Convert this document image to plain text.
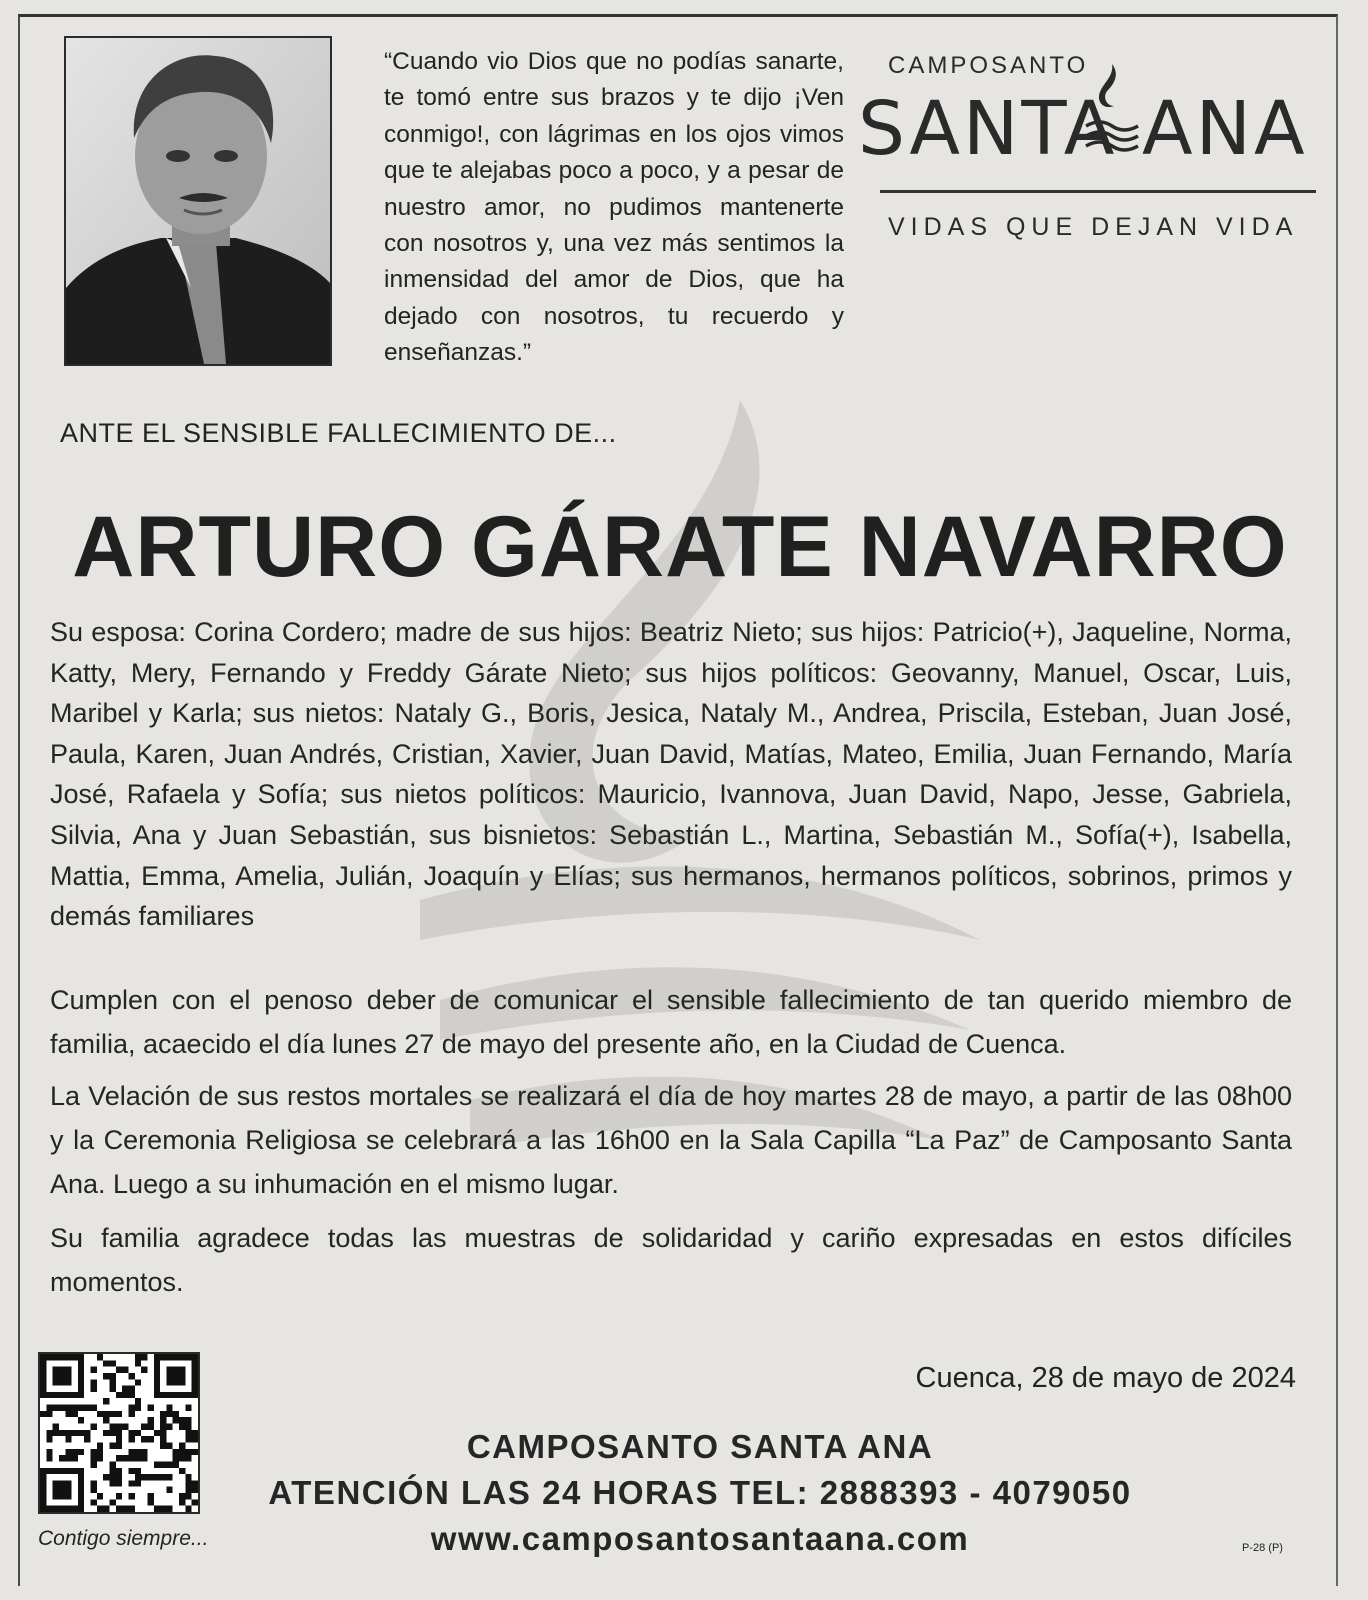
“Cuando vio Dios que no podías sanarte, te tomó entre sus brazos y te dijo ¡Ven conmigo!, con lágrimas en los ojos vimos que te alejabas poco a poco, y a pesar de nuestro amor, no pudimos mantenerte con nosotros y, una vez más sentimos la inmensidad del amor de Dios, que ha dejado con nosotros, tu recuerdo y enseñanzas.”

CAMPOSANTO
SANTA ANA
VIDAS QUE DEJAN VIDA
ANTE EL SENSIBLE FALLECIMIENTO DE...
ARTURO GÁRATE NAVARRO

Su esposa: Corina Cordero; madre de sus hijos: Beatriz Nieto; sus hijos: Patricio(+), Jaqueline, Norma, Katty, Mery, Fernando y Freddy Gárate Nieto; sus hijos políticos: Geovanny, Manuel, Oscar, Luis, Maribel y Karla; sus nietos: Nataly G., Boris, Jesica, Nataly M., Andrea, Priscila, Esteban, Juan José, Paula, Karen, Juan Andrés, Cristian, Xavier, Juan David, Matías, Mateo, Emilia, Juan Fernando, María José, Rafaela y Sofía; sus nietos políticos: Mauricio, Ivannova, Juan David, Napo, Jesse, Gabriela, Silvia, Ana y Juan Sebastián, sus bisnietos: Sebastián L., Martina, Sebastián M., Sofía(+), Isabella, Mattia, Emma, Amelia, Julián, Joaquín y Elías; sus hermanos, hermanos políticos, sobrinos, primos y demás familiares

Cumplen con el penoso deber de comunicar el sensible fallecimiento de tan querido miembro de familia, acaecido el día lunes 27 de mayo del presente año, en la Ciudad de Cuenca.

La Velación de sus restos mortales se realizará el día de hoy martes 28 de mayo, a partir de las 08h00 y la Ceremonia Religiosa se celebrará a las 16h00 en la Sala Capilla “La Paz” de Camposanto Santa Ana. Luego a su inhumación en el mismo lugar.

Su familia agradece todas las muestras de solidaridad y cariño expresadas en estos difíciles momentos.

Contigo siempre...
Cuenca, 28 de mayo de 2024
CAMPOSANTO SANTA ANA
ATENCIÓN LAS 24 HORAS TEL: 2888393 - 4079050
www.camposantosantaana.com	P-28 (P)
